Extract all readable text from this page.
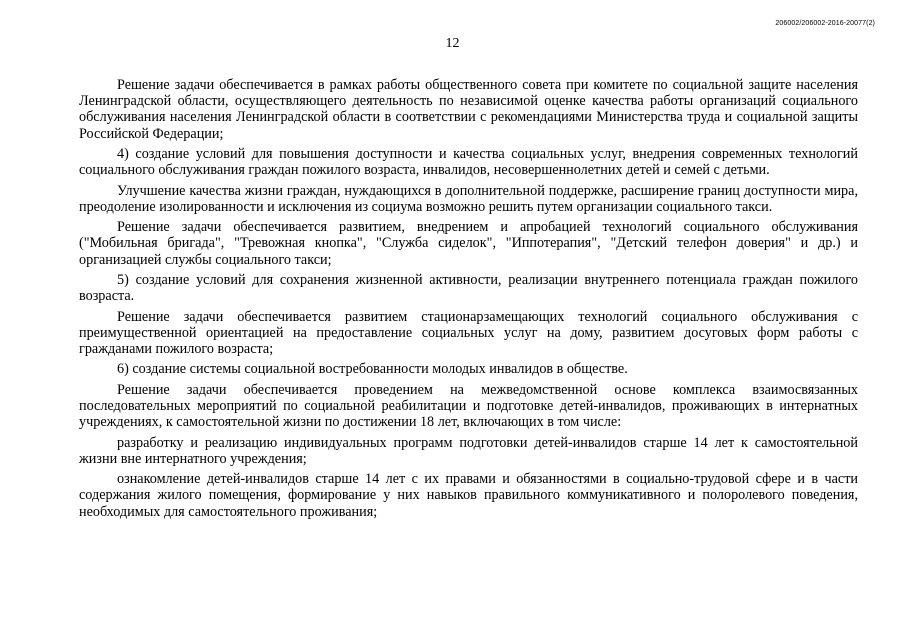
206002/206002-2016-20077(2)
12

Решение задачи обеспечивается в рамках работы общественного совета при комитете по социальной защите населения Ленинградской области, осуществляющего деятельность по независимой оценке качества работы организаций социального обслуживания населения Ленинградской области в соответствии с рекомендациями Министерства труда и социальной защиты Российской Федерации;

4) создание условий для повышения доступности и качества социальных услуг, внедрения современных технологий социального обслуживания граждан пожилого возраста, инвалидов, несовершеннолетних детей и семей с детьми.

Улучшение качества жизни граждан, нуждающихся в дополнительной поддержке, расширение границ доступности мира, преодоление изолированности и исключения из социума возможно решить путем организации социального такси.

Решение задачи обеспечивается развитием, внедрением и апробацией технологий социального обслуживания ("Мобильная бригада", "Тревожная кнопка", "Служба сиделок", "Иппотерапия", "Детский телефон доверия" и др.) и организацией службы социального такси;

5) создание условий для сохранения жизненной активности, реализации внутреннего потенциала граждан пожилого возраста.

Решение задачи обеспечивается развитием стационарзамещающих технологий социального обслуживания с преимущественной ориентацией на предоставление социальных услуг на дому, развитием досуговых форм работы с гражданами пожилого возраста;

6) создание системы социальной востребованности молодых инвалидов в обществе.

Решение задачи обеспечивается проведением на межведомственной основе комплекса взаимосвязанных последовательных мероприятий по социальной реабилитации и подготовке детей-инвалидов, проживающих в интернатных учреждениях, к самостоятельной жизни по достижении 18 лет, включающих в том числе:

разработку и реализацию индивидуальных программ подготовки детей-инвалидов старше 14 лет к самостоятельной жизни вне интернатного учреждения;

ознакомление детей-инвалидов старше 14 лет с их правами и обязанностями в социально-трудовой сфере и в части содержания жилого помещения, формирование у них навыков правильного коммуникативного и полоролевого поведения, необходимых для самостоятельного проживания;
